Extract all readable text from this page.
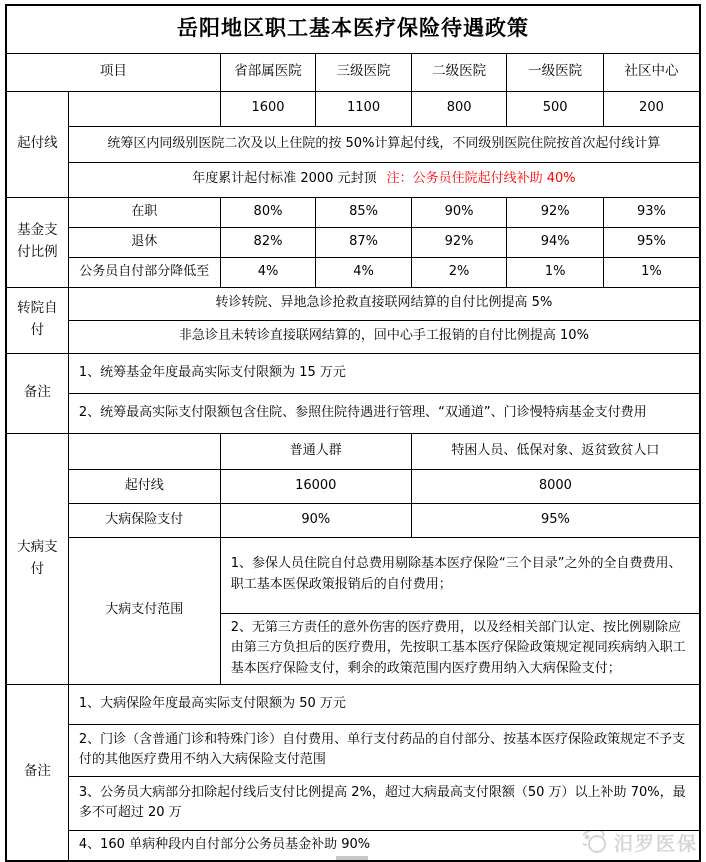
岳阳地区职工基本医疗保险待遇政策						
项目		省部属医院	三级医院	二级医院	一级医院	社区中心
起付线		1600	1100	800	500	200
	统筹区内同级别医院二次及以上住院的按 50%计算起付线，不同级别医院住院按首次起付线计算					
	年度累计起付标准 2000 元封顶 注：公务员住院起付线补助 40%					
基金支付比例	在职	80%	85%	90%	92%	93%
	退休	82%	87%	92%	94%	95%
	公务员自付部分降低至	4%	4%	2%	1%	1%
转院自付	转诊转院、异地急诊抢救直接联网结算的自付比例提高 5%					
	非急诊且未转诊直接联网结算的，回中心手工报销的自付比例提高 10%					
备注	1、统筹基金年度最高实际支付限额为 15 万元					
	2、统筹最高实际支付限额包含住院、参照住院待遇进行管理、“双通道”、门诊慢特病基金支付费用					
大病支付		普通人群		特困人员、低保对象、返贫致贫人口		
	起付线	16000		8000		
	大病保险支付	90%		95%		
	大病支付范围	1、参保人员住院自付总费用剔除基本医疗保险“三个目录”之外的全自费费用、职工基本医保政策报销后的自付费用；				
		2、无第三方责任的意外伤害的医疗费用，以及经相关部门认定、按比例剔除应由第三方负担后的医疗费用，先按职工基本医疗保险政策规定视同疾病纳入职工基本医疗保险支付，剩余的政策范围内医疗费用纳入大病保险支付；				
备注	1、大病保险年度最高实际支付限额为 50 万元					
	2、门诊（含普通门诊和特殊门诊）自付费用、单行支付药品的自付部分、按基本医疗保险政策规定不予支付的其他医疗费用不纳入大病保险支付范围					
	3、公务员大病部分扣除起付线后支付比例提高 2%，超过大病最高支付限额（50 万）以上补助 70%，最多不可超过 20 万					
	4、160 单病种段内自付部分公务员基金补助 90%						汨罗医保
